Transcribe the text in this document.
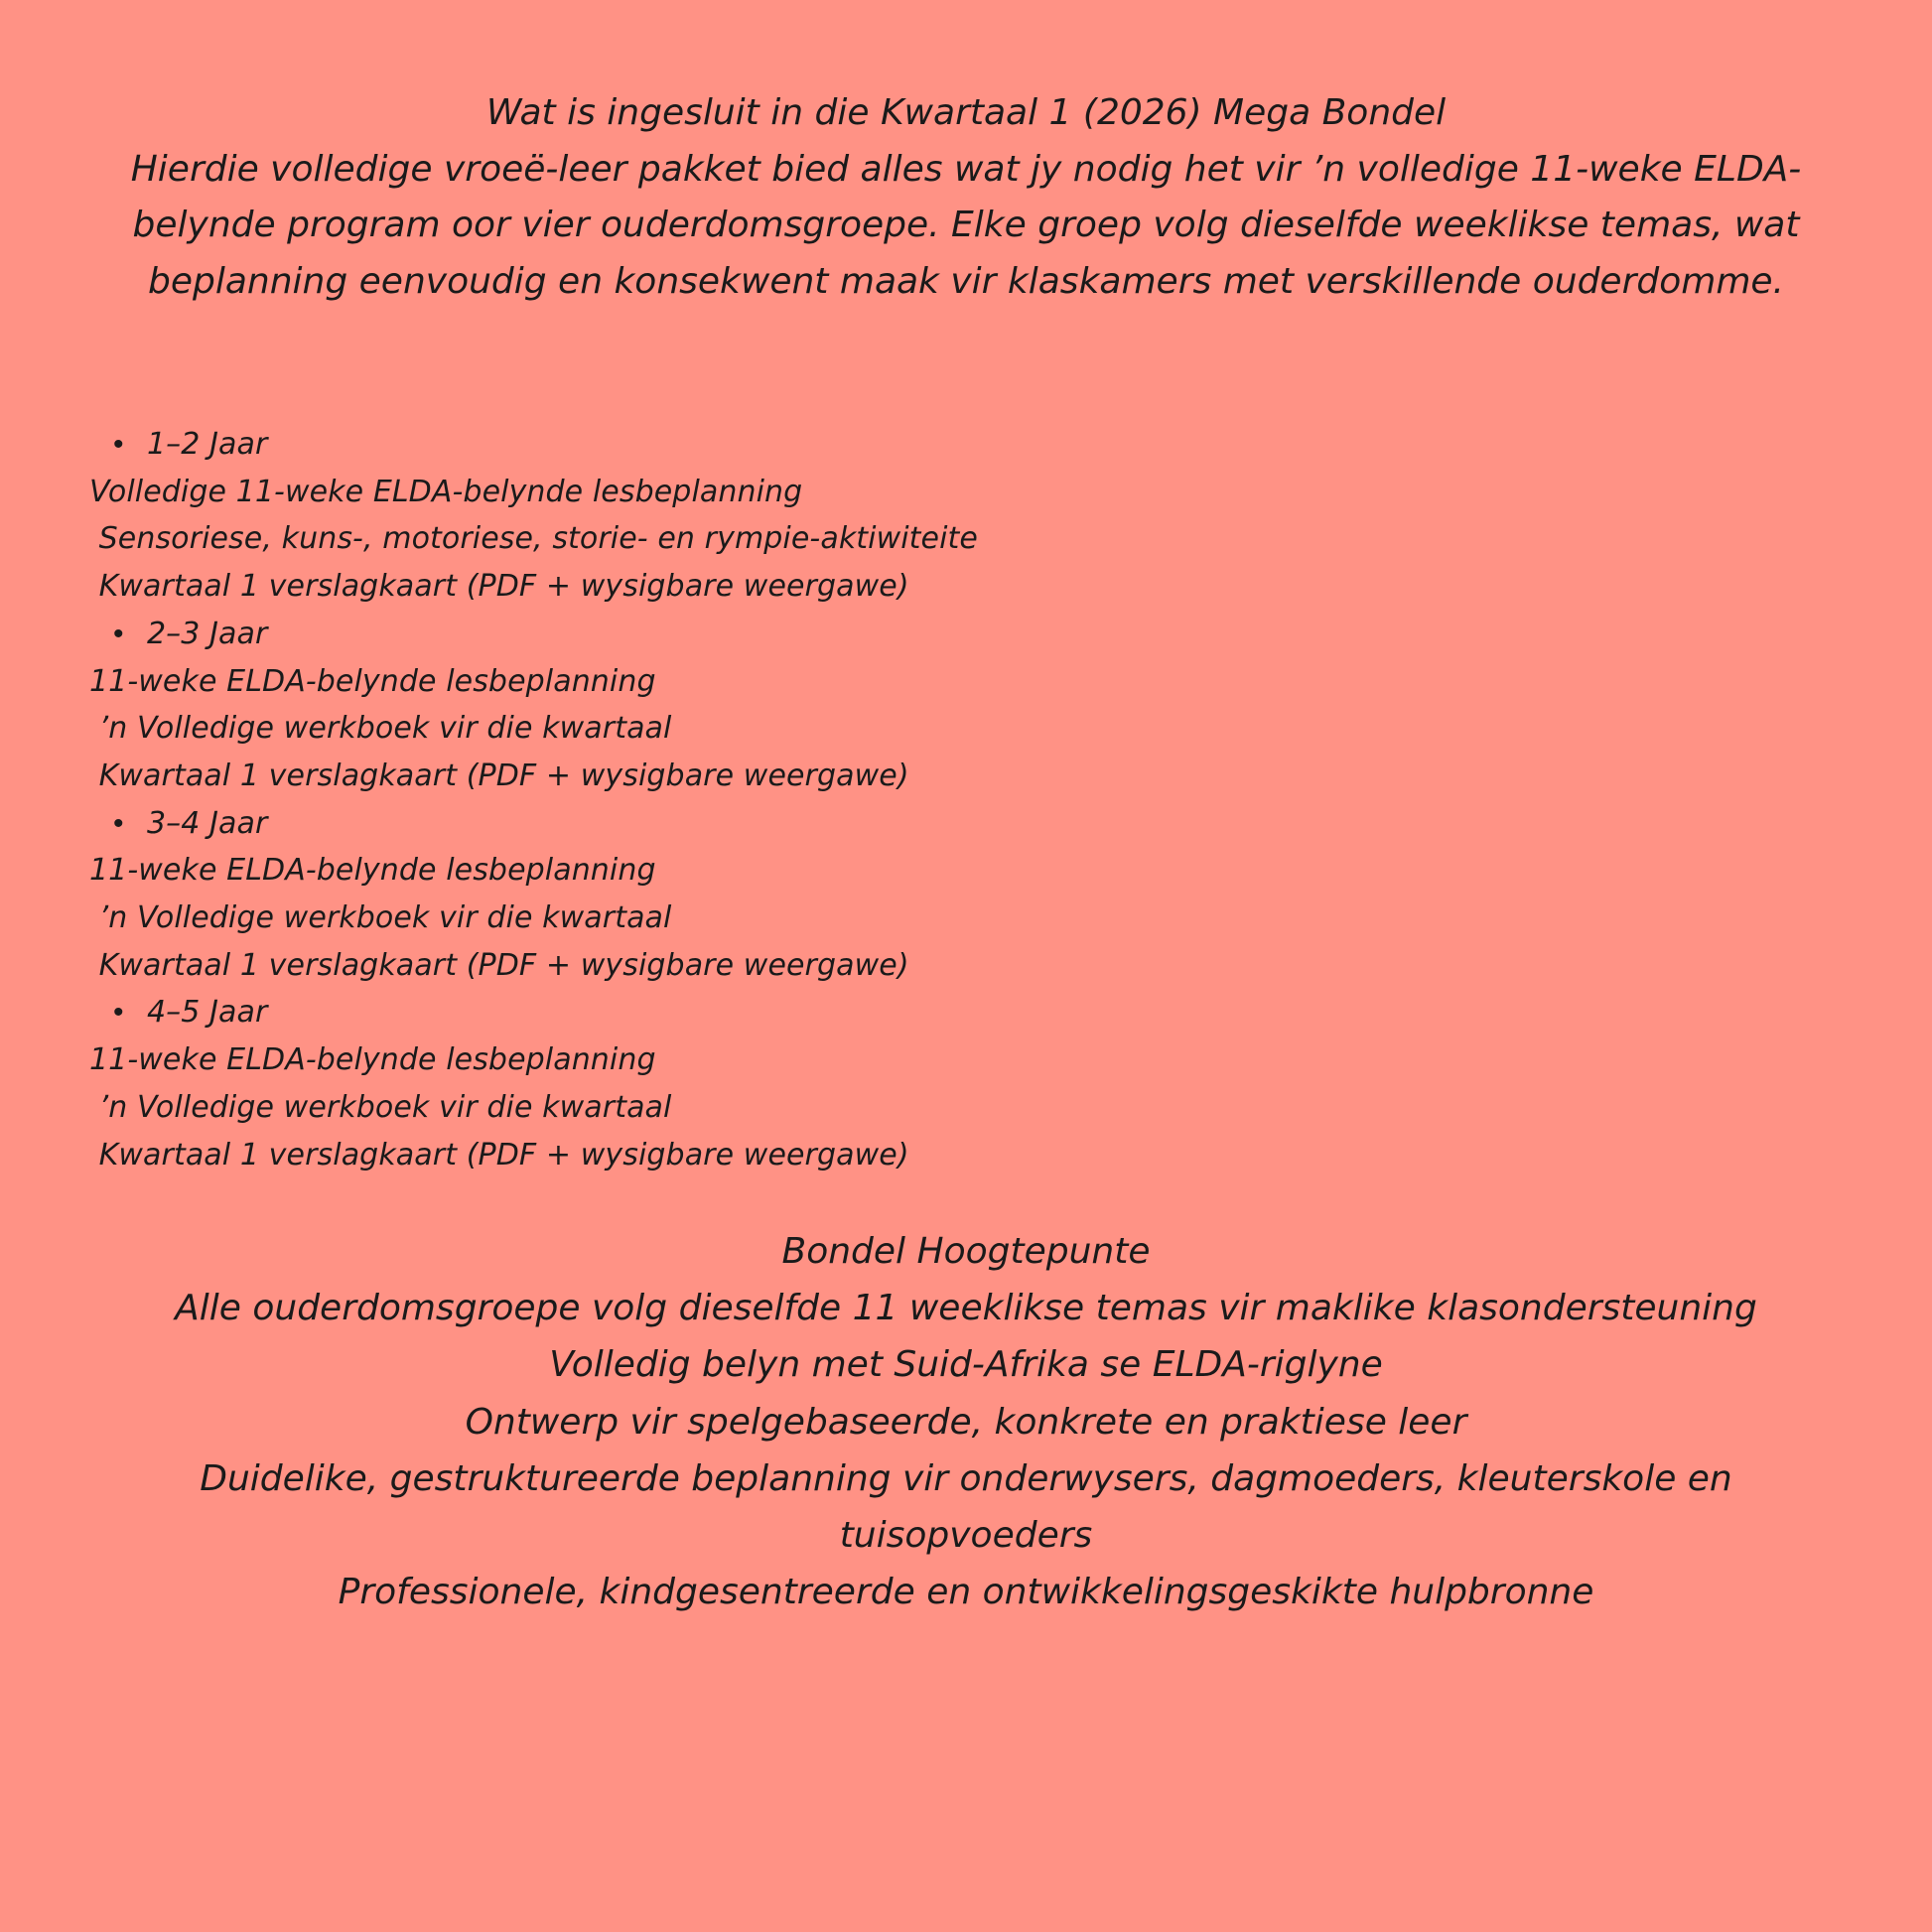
Wat is ingesluit in die Kwartaal 1 (2026) Mega Bondel

Hierdie volledige vroeë-leer pakket bied alles wat jy nodig het vir ’n volledige 11-weke ELDA-belynde program oor vier ouderdomsgroepe. Elke groep volg dieselfde weeklikse temas, wat beplanning eenvoudig en konsekwent maak vir klaskamers met verskillende ouderdomme.

• 1–2 Jaar

Volledige 11-weke ELDA-belynde lesbeplanning

Sensoriese, kuns-, motoriese, storie- en rympie-aktiwiteite

Kwartaal 1 verslagkaart (PDF + wysigbare weergawe)

• 2–3 Jaar

11-weke ELDA-belynde lesbeplanning

’n Volledige werkboek vir die kwartaal

Kwartaal 1 verslagkaart (PDF + wysigbare weergawe)

• 3–4 Jaar

11-weke ELDA-belynde lesbeplanning

’n Volledige werkboek vir die kwartaal

Kwartaal 1 verslagkaart (PDF + wysigbare weergawe)

• 4–5 Jaar

11-weke ELDA-belynde lesbeplanning

’n Volledige werkboek vir die kwartaal

Kwartaal 1 verslagkaart (PDF + wysigbare weergawe)

Bondel Hoogtepunte

Alle ouderdomsgroepe volg dieselfde 11 weeklikse temas vir maklike klasondersteuning

Volledig belyn met Suid-Afrika se ELDA-riglyne

Ontwerp vir spelgebaseerde, konkrete en praktiese leer

Duidelike, gestruktureerde beplanning vir onderwysers, dagmoeders, kleuterskole en tuisopvoeders

Professionele, kindgesentreerde en ontwikkelingsgeskikte hulpbronne
